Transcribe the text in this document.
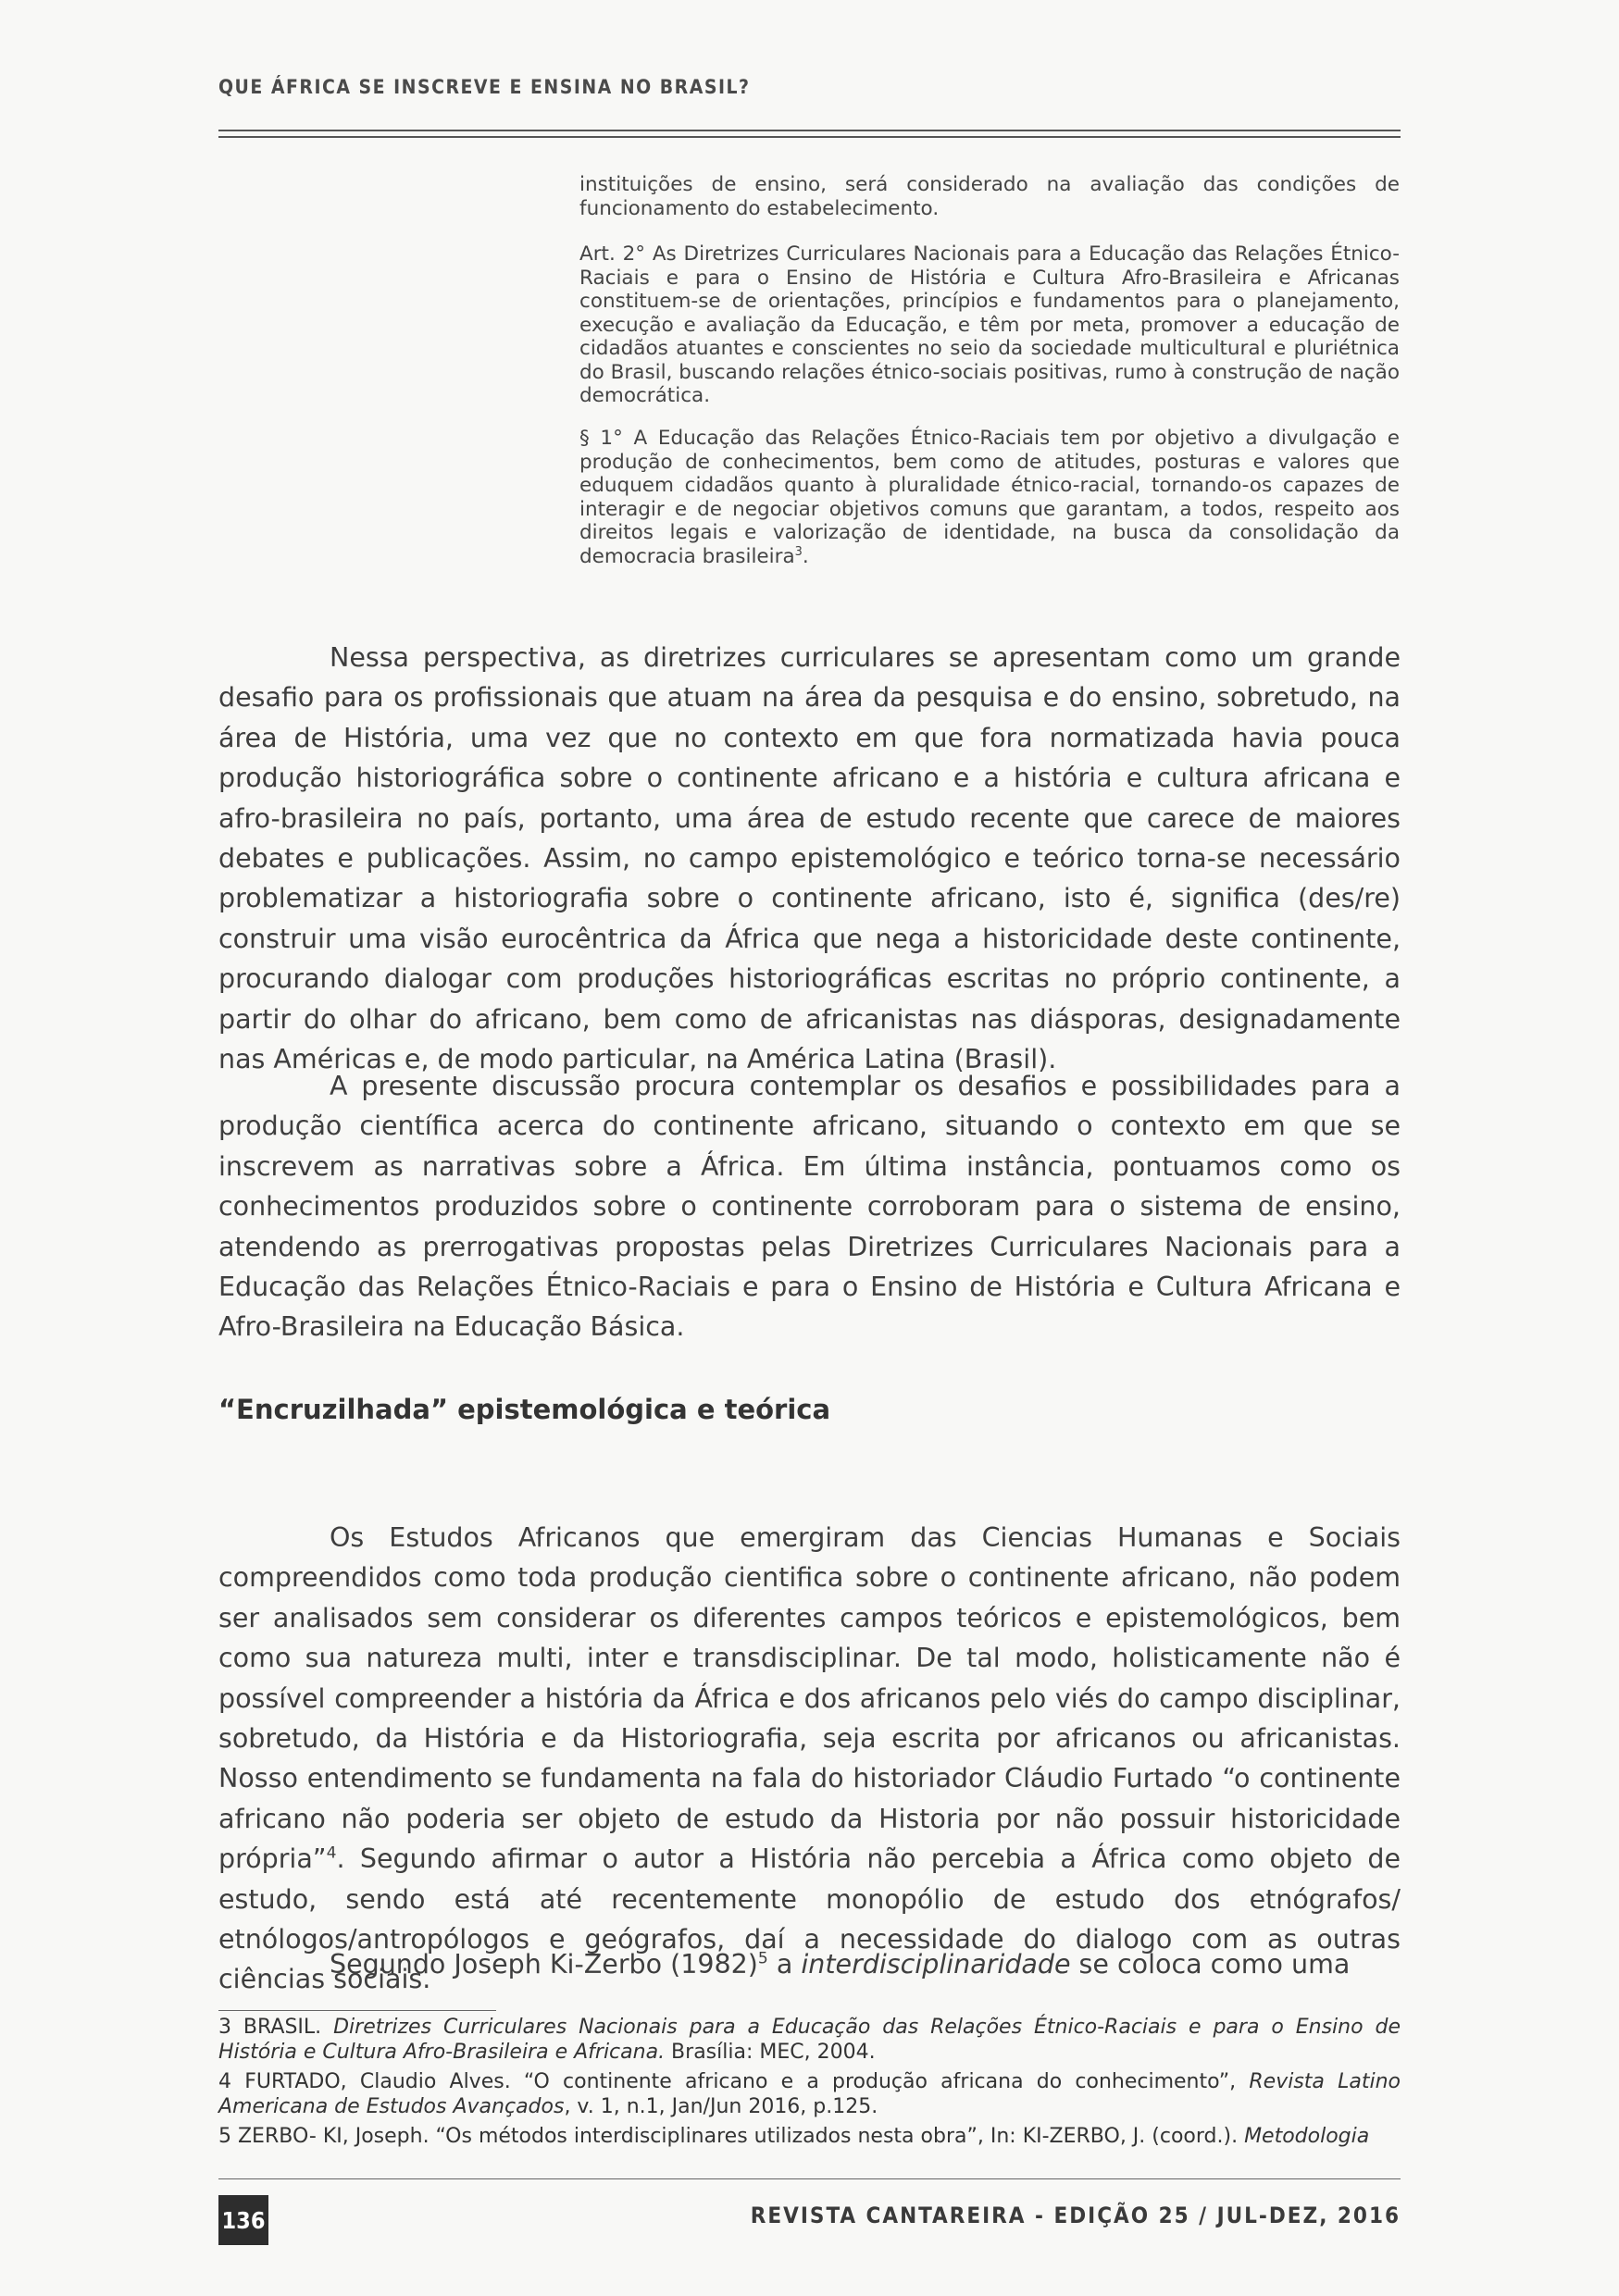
QUE ÁFRICA SE INSCREVE E ENSINA NO BRASIL?

instituições de ensino, será considerado na avaliação das condições de funcionamento do estabelecimento.

Art. 2° As Diretrizes Curriculares Nacionais para a Educação das Relações Étnico-Raciais e para o Ensino de História e Cultura Afro-Brasileira e Africanas constituem-se de orientações, princípios e fundamentos para o planejamento, execução e avaliação da Educação, e têm por meta, promover a educação de cidadãos atuantes e conscientes no seio da sociedade multicultural e pluriétnica do Brasil, buscando relações étnico-sociais positivas, rumo à construção de nação democrática.

§ 1° A Educação das Relações Étnico-Raciais tem por objetivo a divulgação e produção de conhecimentos, bem como de atitudes, posturas e valores que eduquem cidadãos quanto à pluralidade étnico-racial, tornando-os capazes de interagir e de negociar objetivos comuns que garantam, a todos, respeito aos direitos legais e valorização de identidade, na busca da consolidação da democracia brasileira$^3$.

Nessa perspectiva, as diretrizes curriculares se apresentam como um grande desafio para os profissionais que atuam na área da pesquisa e do ensino, sobretudo, na área de História, uma vez que no contexto em que fora normatizada havia pouca produção historiográfica sobre o continente africano e a história e cultura africana e afro-brasileira no país, portanto, uma área de estudo recente que carece de maiores debates e publicações. Assim, no campo epistemológico e teórico torna-se necessário problematizar a historiografia sobre o continente africano, isto é, significa (des/re) construir uma visão eurocêntrica da África que nega a historicidade deste continente, procurando dialogar com produções historiográficas escritas no próprio continente, a partir do olhar do africano, bem como de africanistas nas diásporas, designadamente nas Américas e, de modo particular, na América Latina (Brasil).

A presente discussão procura contemplar os desafios e possibilidades para a produção científica acerca do continente africano, situando o contexto em que se inscrevem as narrativas sobre a África. Em última instância, pontuamos como os conhecimentos produzidos sobre o continente corroboram para o sistema de ensino, atendendo as prerrogativas propostas pelas Diretrizes Curriculares Nacionais para a Educação das Relações Étnico-Raciais e para o Ensino de História e Cultura Africana e Afro-Brasileira na Educação Básica.

“Encruzilhada” epistemológica e teórica

Os Estudos Africanos que emergiram das Ciencias Humanas e Sociais compreendidos como toda produção cientifica sobre o continente africano, não podem ser analisados sem considerar os diferentes campos teóricos e epistemológicos, bem como sua natureza multi, inter e transdisciplinar. De tal modo, holisticamente não é possível compreender a história da África e dos africanos pelo viés do campo disciplinar, sobretudo, da História e da Historiografia, seja escrita por africanos ou africanistas. Nosso entendimento se fundamenta na fala do historiador Cláudio Furtado “o continente africano não poderia ser objeto de estudo da Historia por não possuir historicidade própria”$^4$. Segundo afirmar o autor a História não percebia a África como objeto de estudo, sendo está até recentemente monopólio de estudo dos etnógrafos/ etnólogos/antropólogos e geógrafos, daí a necessidade do dialogo com as outras ciências sociais.

Segundo Joseph Ki-Zerbo $(1982)^5$ a interdisciplinaridade se coloca como uma

3 BRASIL. Diretrizes Curriculares Nacionais para a Educação das Relações Étnico-Raciais e para o Ensino de História e Cultura Afro-Brasileira e Africana. Brasília: MEC, 2004.

4 FURTADO, Claudio Alves. “O continente africano e a produção africana do conhecimento”, Revista Latino Americana de Estudos Avançados, v. 1, n.1, Jan/Jun 2016, p.125.

5 ZERBO- KI, Joseph. “Os métodos interdisciplinares utilizados nesta obra”, In: KI-ZERBO, J. (coord.). Metodologia

136	REVISTA CANTAREIRA - EDIÇÃO 25 / JUL-DEZ, 2016
